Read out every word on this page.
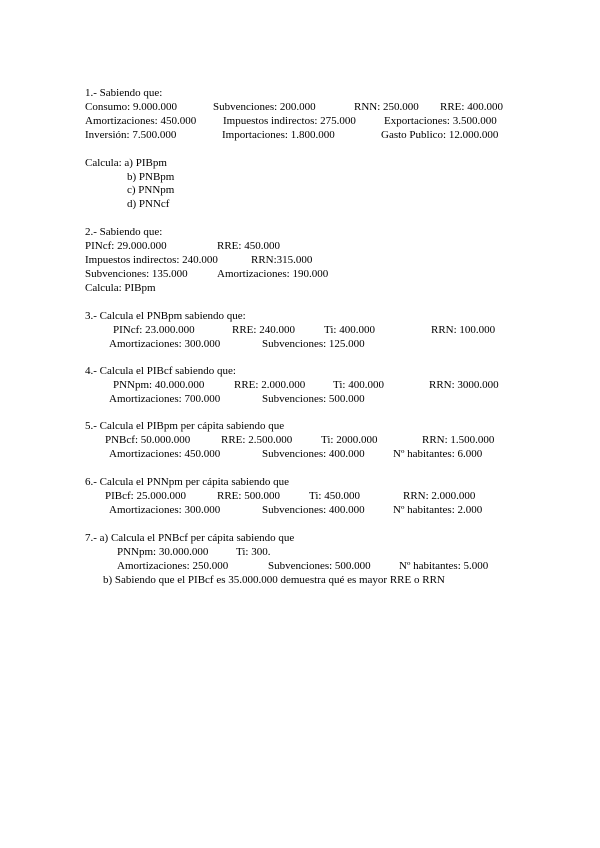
1.- Sabiendo que:
Consumo: 9.000.000	Subvenciones: 200.000	RNN: 250.000 RRE: 400.000
Amortizaciones: 450.000 Impuestos indirectos: 275.000	Exportaciones: 3.500.000
Inversión: 7.500.000	Importaciones: 1.800.000	Gasto Publico: 12.000.000
Calcula: a) PIBpm
b) PNBpm
c) PNNpm
d) PNNcf
2.- Sabiendo que:
PINcf: 29.000.000	RRE: 450.000
Impuestos indirectos: 240.000	RRN:315.000
Subvenciones: 135.000	Amortizaciones: 190.000
Calcula: PIBpm
3.- Calcula el PNBpm sabiendo que:
PINcf: 23.000.000	RRE: 240.000	Ti: 400.000	RRN: 100.000
Amortizaciones: 300.000	Subvenciones: 125.000
4.- Calcula el PIBcf sabiendo que:
PNNpm: 40.000.000	RRE: 2.000.000	Ti: 400.000	RRN: 3000.000
Amortizaciones: 700.000	Subvenciones: 500.000
5.- Calcula el PIBpm per cápita sabiendo que
PNBcf: 50.000.000	RRE: 2.500.000	Ti: 2000.000	RRN: 1.500.000
Amortizaciones: 450.000	Subvenciones: 400.000	Nº habitantes: 6.000
6.- Calcula el PNNpm per cápita sabiendo que
PIBcf: 25.000.000	RRE: 500.000	Ti: 450.000	RRN: 2.000.000
Amortizaciones: 300.000	Subvenciones: 400.000	Nº habitantes: 2.000
7.- a) Calcula el PNBcf per cápita sabiendo que
PNNpm: 30.000.000	Ti: 300.
Amortizaciones: 250.000	Subvenciones: 500.000	Nº habitantes: 5.000
b) Sabiendo que el PIBcf es 35.000.000 demuestra qué es mayor RRE o RRN
